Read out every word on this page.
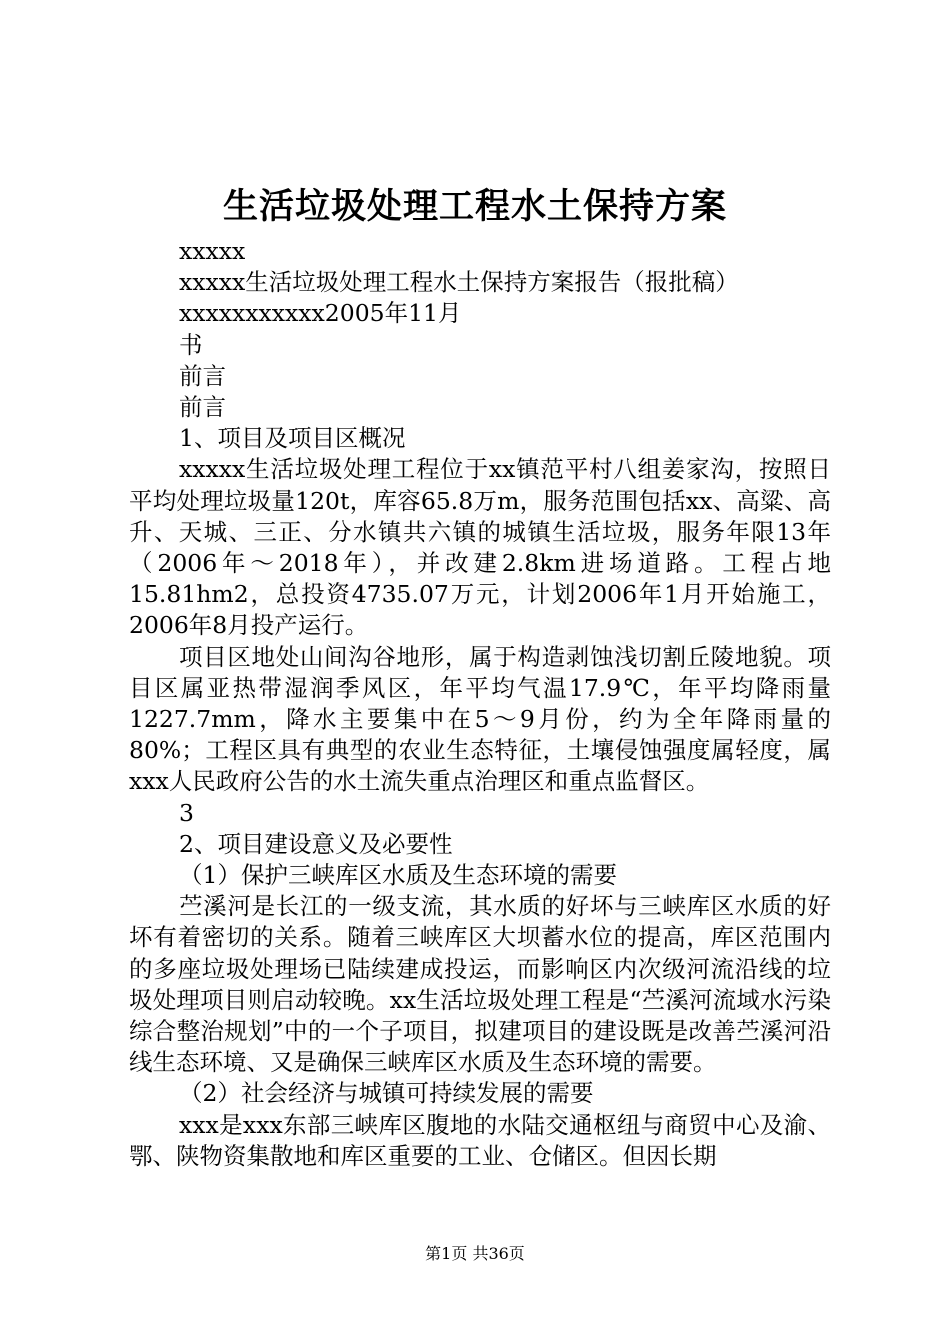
生活垃圾处理工程水土保持方案
xxxxx
xxxxx生活垃圾处理工程水土保持方案报告（报批稿）
xxxxxxxxxxx2005年11月
书
前言
前言
1、项目及项目区概况
xxxxx生活垃圾处理工程位于xx镇范平村八组姜家沟，按照日平均处理垃圾量120t，库容65.8万m，服务范围包括xx、高粱、高升、天城、三正、分水镇共六镇的城镇生活垃圾，服务年限13年（2006年～2018年），并改建2.8km进场道路。工程占地15.81hm2，总投资4735.07万元，计划2006年1月开始施工，2006年8月投产运行。
项目区地处山间沟谷地形，属于构造剥蚀浅切割丘陵地貌。项目区属亚热带湿润季风区，年平均气温17.9℃，年平均降雨量1227.7mm，降水主要集中在5～9月份，约为全年降雨量的80%；工程区具有典型的农业生态特征，土壤侵蚀强度属轻度，属xxx人民政府公告的水土流失重点治理区和重点监督区。
3
2、项目建设意义及必要性
（1）保护三峡库区水质及生态环境的需要
苎溪河是长江的一级支流，其水质的好坏与三峡库区水质的好坏有着密切的关系。随着三峡库区大坝蓄水位的提高，库区范围内的多座垃圾处理场已陆续建成投运，而影响区内次级河流沿线的垃圾处理项目则启动较晚。xx生活垃圾处理工程是“苎溪河流域水污染综合整治规划”中的一个子项目，拟建项目的建设既是改善苎溪河沿线生态环境、又是确保三峡库区水质及生态环境的需要。
（2）社会经济与城镇可持续发展的需要
xxx是xxx东部三峡库区腹地的水陆交通枢纽与商贸中心及渝、鄂、陕物资集散地和库区重要的工业、仓储区。但因长期
第1页 共36页
